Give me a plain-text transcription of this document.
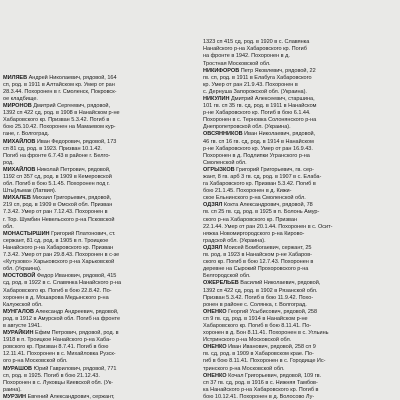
МИЛЯЕВ Андрей Николаевич, рядовой, 164
сп, род. в 1911 в Алтайском кр. Умер от ран
28.3.44. Похоронен в г. Смоленск, Покровск-
ое кладбище.
МИРОНОВ Дмитрий Сергеевич, рядовой,
1392 сп 422 сд, род. в 1908 в Нанайском р-не
Хабаровского кр. Призван 5.3.42. Погиб в
бою 25.10.42. Похоронен на Мамаевом кур-
гане, г. Волгоград.
МИХАЙЛОВ Иван Федорович, рядовой, 173
сп 81 сд, род. в 1923. Призван 10.1.42.
Погиб на фронте 6.7.43 в районе г. Белго-
род.
МИХАЙЛОВ Николай Петрович, рядовой,
1192 сп 357 сд, род. в 1909 в Кемеровской
обл. Погиб в бою 5.1.45. Похоронен под г.
Шты]льмак (Латвия).
МИХАЛЕВ Михаил Григорьевич, рядовой,
219 сп, род. в 1909 в Омской обл. Призван
7.3.42. Умер от ран 7.12.43. Похоронен в
г. Тор. Шумбин Невельского р-на Псковской
обл.
МОНАСТЫРШИН Григорий Платонович, ст.
сержант, 81 сд. род. в 1905 в п. Троицкое
Нанайского р-на Хабаровского кр. Призван
7.3.42. Умер от ран 29.8.43. Похоронен в с-зе
«Кутузово» Харьковского р-на Харьковской
обл. (Украина).
МОСТОВОЙ Федор Иванович, рядовой, 415
сд, род. в 1922 в с. Славянка Нанайского р-на
Хабаровского кр. Погиб в бою 22.8.42. По-
хоронен в д. Мошарова Медынского р-на
Калужской обл.
МУНГАЛОВ Александр Андреевич, рядовой,
род. в 1912 в Амурской обл. Погиб на фронте
в августе 1941.
МУРАЙКИН Ефим Петрович, рядовой, род. в
1918 в п. Троицкое Нанайского р-на Хаба-
ровского кр. Призван 8.7.41. Погиб в бою
12.11.41. Похоронен в с. Михайловка Рузск-
ого р-на Московской обл.
МУРАШОВ Юрий Гаврилович, рядовой, 771
сп, род. в 1925. Погиб в бою 21.12.43.
Похоронен в с. Луковцы Киевской обл. (Ук-
раина).
МУРЗИН Евгений Александрович, сержант,
1323 сп 415 сд, род. в 1920 в с. Славянка
Нанайского р-на Хабаровского кр. Погиб
на фронте в 1942. Похоронен в д.
Тростная Московской обл.
НИКИФОРОВ Петр Яковлевич, рядовой, 22
гв. сп, род. в 1911 в Елабуга Хабаровского
кр. Умер от ран 21.9.43. Похоронен в
с. Дернуша Запорожской обл. (Украина).
НИКУЛИН Дмитрий Алексеевич, старшина,
101 гв. сп 35 гв. сд, род. в 1911 в Нанайском
р-не Хабаровского кр. Погиб в бою 6.1.44.
Похоронен в с. Терновка Солонянского р-на
Днепропетровской обл. (Украина).
ОВСЯННИКОВ Иван Николаевич, рядовой,
46 гв. сп 16 гв. сд, род. в 1914 в Нанайском
р-не Хабаровского кр. Умер от ран 16.9.43.
Похоронен в д. Подлипки Угранского р-на
Смоленской обл.
ОГРЫЗКОВ Григорий Григорьевич, гв. сер-
жант, 8 гв. арб 3 гв. сд, род. в 1907 в с. Елаба-
га Хабаровского кр. Призван 5.3.42. Погиб в
бою 21.1.45. Похоронен в д. Кижи-
ское Ельнинского р-на Смоленской обл.
ОДЗЯЛ Кокта Александрович, рядовой, 78
гв. сп 25 гв. сд, род. в 1925 в п. Болонь Амур-
ского р-на Хабаровского кр. Призван
22.1.44. Умер от ран 20.1.44. Похоронен в с. Осит-
няжка Новомиргородского р-на Кирово-
градской обл. (Украина).
ОДЗЯЛ Моисей Бомбогаевич, сержант, 25
гв. род. в 1923 в Нанайском р-не Хабаров-
ского кр. Погиб в бою 12.7.43. Похоронен в
деревне на Сырокий Прохоровского р-на
Белгородской обл.
ОЖЕРЕЛЬЕВ Василий Николаевич, рядовой,
1392 сп 422 сд, род. в 1902 в Рязанской обл.
Призван 5.3.42. Погиб в бою 11.9.42. Похо-
ронен в районе с. Солянка, г. Волгоград.
ОНЕНКО Георгий Усыбисович, рядовой, 258
сп 9 гв. сд, род. в 1914 в Нанайском р-не
Хабаровского кр. Погиб в бою 8.11.41. По-
хоронен в д. Бон 8.11.41. Похоронен в с. Угльинь
Истринского р-на Московской обл.
ОНЕНКО Иван Иванович, рядовой, 258 сп 9
гв. сд, род. в 1909 в Хабаровском крае. По-
гиб в бою 8.11.41. Похоронен в с. Городище Ис-
тринского р-на Московской обл.
ОНЕНКО Кочал Григорьевич, рядовой, 109 гв.
сп 37 гв. сд, род. в 1916 в с. Нижняя Тамбов-
ка Нанайского р-на Хабаровского кр. Погиб в
бою 10.12.41. Похоронен в д. Волосово Лу-
